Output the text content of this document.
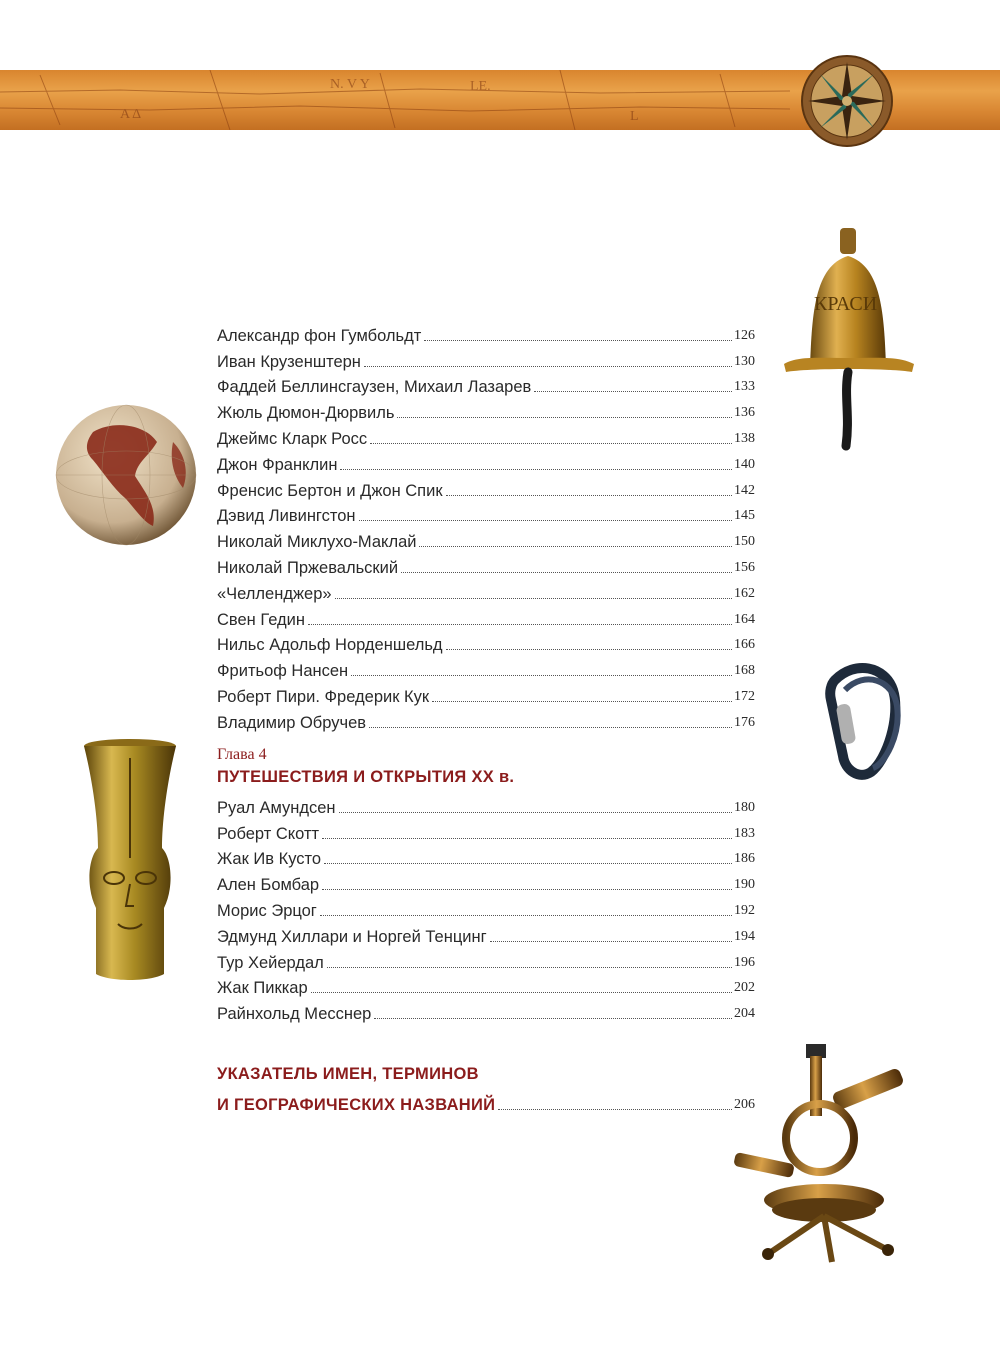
N. V Y	LE.
Α Δ	L
КРАСИ
Александр фон Гумбольдт	126
Иван Крузенштерн	130
Фаддей Беллинсгаузен, Михаил Лазарев	133
Жюль Дюмон-Дюрвиль	136
Джеймс Кларк Росс	138
Джон Франклин	140
Френсис Бертон и Джон Спик	142
Дэвид Ливингстон	145
Николай Миклухо-Маклай	150
Николай Пржевальский	156
«Челленджер»	162
Свен Гедин	164
Нильс Адольф Норденшельд	166
Фритьоф Нансен	168
Роберт Пири. Фредерик Кук	172
Владимир Обручев	176
Глава 4
ПУТЕШЕСТВИЯ И ОТКРЫТИЯ XX в.
Руал Амундсен	180
Роберт Скотт	183
Жак Ив Кусто	186
Ален Бомбар	190
Морис Эрцог	192
Эдмунд Хиллари и Норгей Тенцинг	194
Тур Хейердал	196
Жак Пиккар	202
Райнхольд Месснер	204
УКАЗАТЕЛЬ ИМЕН, ТЕРМИНОВ
И ГЕОГРАФИЧЕСКИХ НАЗВАНИЙ	206
